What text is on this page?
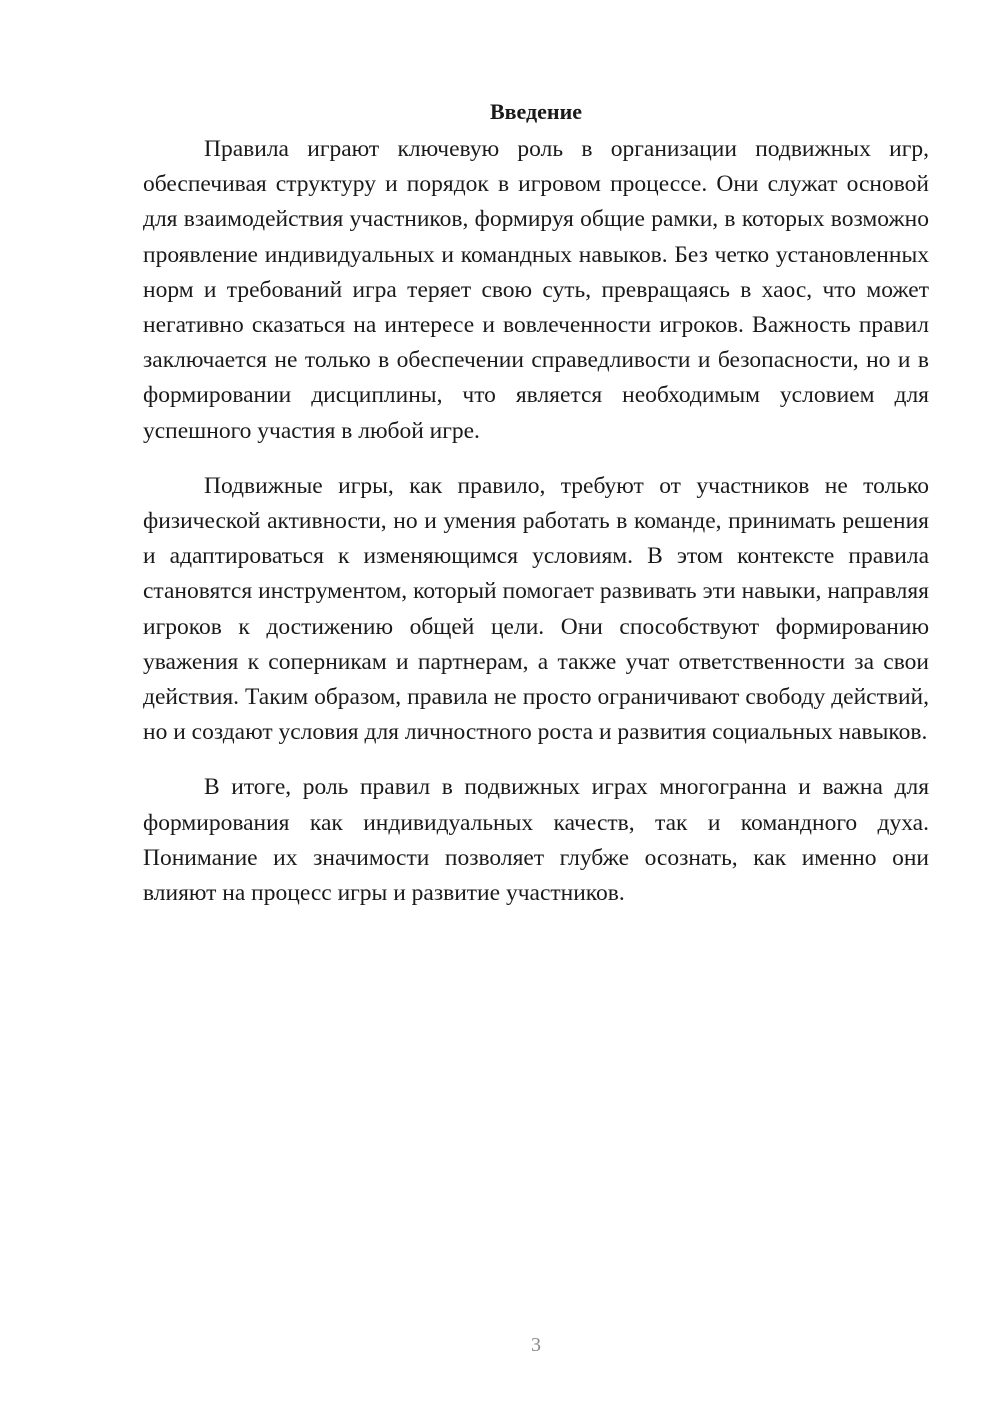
Введение

Правила играют ключевую роль в организации подвижных игр, обеспечивая структуру и порядок в игровом процессе. Они служат основой для взаимодействия участников, формируя общие рамки, в которых возможно проявление индивидуальных и командных навыков. Без четко установленных норм и требований игра теряет свою суть, превращаясь в хаос, что может негативно сказаться на интересе и вовлеченности игроков. Важность правил заключается не только в обеспечении справедливости и безопасности, но и в формировании дисциплины, что является необходимым условием для успешного участия в любой игре.

Подвижные игры, как правило, требуют от участников не только физической активности, но и умения работать в команде, принимать решения и адаптироваться к изменяющимся условиям. В этом контексте правила становятся инструментом, который помогает развивать эти навыки, направляя игроков к достижению общей цели. Они способствуют формированию уважения к соперникам и партнерам, а также учат ответственности за свои действия. Таким образом, правила не просто ограничивают свободу действий, но и создают условия для личностного роста и развития социальных навыков.

В итоге, роль правил в подвижных играх многогранна и важна для формирования как индивидуальных качеств, так и командного духа. Понимание их значимости позволяет глубже осознать, как именно они влияют на процесс игры и развитие участников.

3
